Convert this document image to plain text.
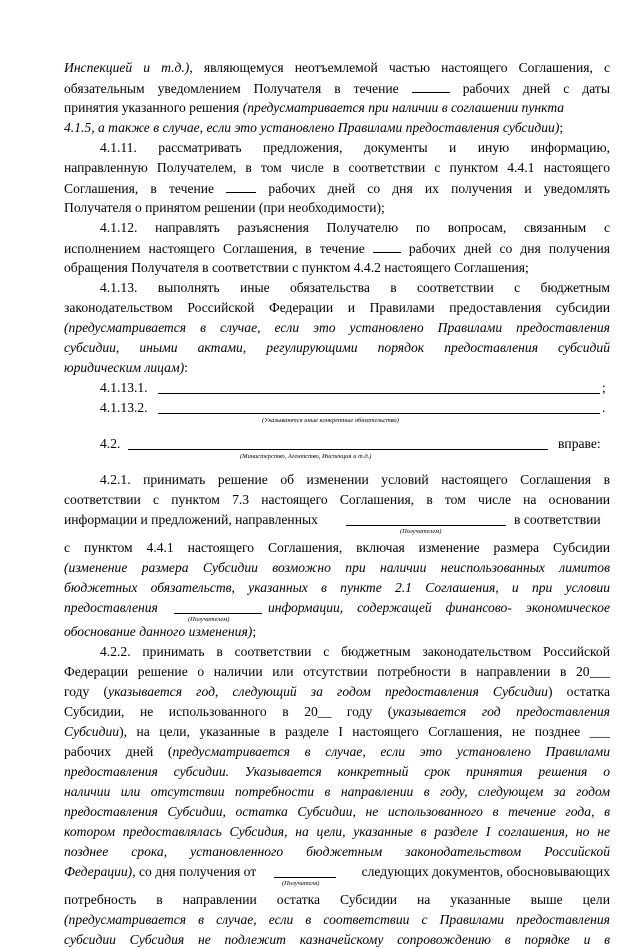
Инспекцией и т.д.), являющемуся неотъемлемой частью настоящего Соглашения, с
обязательным уведомлением Получателя в течение	рабочих дней с даты
принятия указанного решения (предусматривается при наличии в соглашении пункта
4.1.5, а также в случае, если это установлено Правилами предоставления субсидии);
4.1.11. рассматривать предложения, документы и иную информацию,
направленную Получателем, в том числе в соответствии с пунктом 4.4.1 настоящего
Соглашения, в течение	рабочих дней со дня их получения и уведомлять
Получателя о принятом решении (при необходимости);
4.1.12. направлять разъяснения Получателю по вопросам, связанным с
исполнением настоящего Соглашения, в течение	рабочих дней со дня получения
обращения Получателя в соответствии с пунктом 4.4.2 настоящего Соглашения;
4.1.13. выполнять иные обязательства в соответствии с бюджетным
законодательством Российской Федерации и Правилами предоставления субсидии
(предусматривается в случае, если это установлено Правилами предоставления
субсидии, иными актами, регулирующими порядок предоставления субсидий
юридическим лицам):
4.1.13.1.	;
4.1.13.2.	.
(Указываются иные конкретные обязательства)
4.2.	вправе:
(Министерство, Агентство, Инспекция и т.д.)
4.2.1. принимать решение об изменении условий настоящего Соглашения в
соответствии с пунктом 7.3 настоящего Соглашения, в том числе на основании
информации и предложений, направленных	в соответствии
(Получателем)
с пунктом 4.4.1 настоящего Соглашения, включая изменение размера Субсидии
(изменение размера Субсидии возможно при наличии неиспользованных лимитов
бюджетных обязательств, указанных в пункте 2.1 Соглашения, и при условии
предоставления	информации, содержащей финансово- экономическое
(Получателем)
обоснование данного изменения);
4.2.2. принимать в соответствии с бюджетным законодательством Российской
Федерации решение о наличии или отсутствии потребности в направлении в 20___
году (указывается год, следующий за годом предоставления Субсидии) остатка
Субсидии, не использованного в 20__ году (указывается год предоставления
Субсидии), на цели, указанные в разделе I настоящего Соглашения, не позднее ___
рабочих дней (предусматривается в случае, если это установлено Правилами
предоставления субсидии. Указывается конкретный срок принятия решения о
наличии или отсутствии потребности в направлении в году, следующем за годом
предоставления Субсидии, остатка Субсидии, не использованного в течение года, в
котором предоставлялась Субсидия, на цели, указанные в разделе I соглашения, но не
позднее срока, установленного бюджетным законодательством Российской
Федерации), со дня получения от	следующих документов, обосновывающих
(Получателя)
потребность в направлении остатка Субсидии на указанные выше цели
(предусматривается в случае, если в соответствии с Правилами предоставления
субсидии Субсидия не подлежит казначейскому сопровождению в порядке и в
